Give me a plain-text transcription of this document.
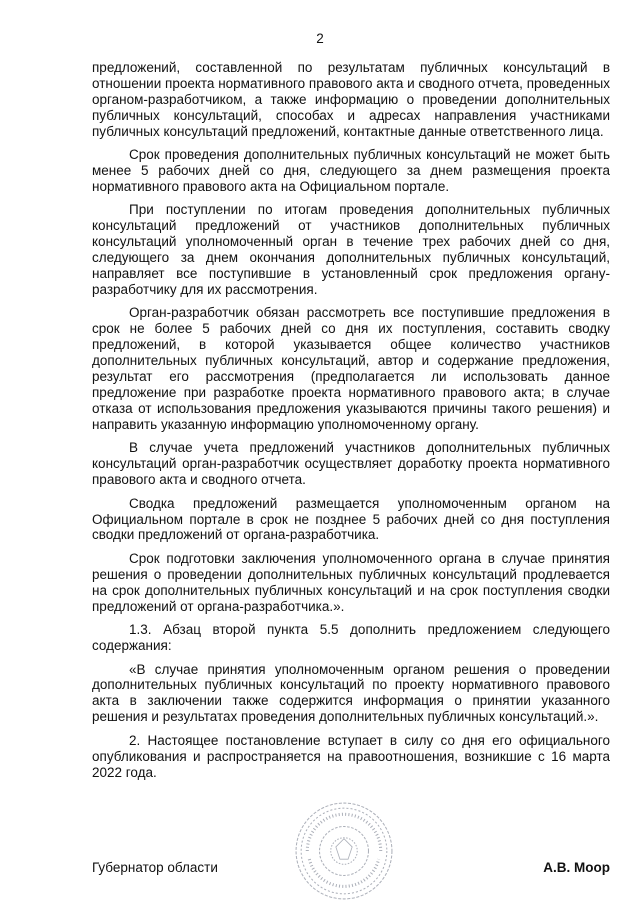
2

предложений, составленной по результатам публичных консультаций в отношении проекта нормативного правового акта и сводного отчета, проведенных органом-разработчиком, а также информацию о проведении дополнительных публичных консультаций, способах и адресах направления участниками публичных консультаций предложений, контактные данные ответственного лица.

Срок проведения дополнительных публичных консультаций не может быть менее 5 рабочих дней со дня, следующего за днем размещения проекта нормативного правового акта на Официальном портале.

При поступлении по итогам проведения дополнительных публичных консультаций предложений от участников дополнительных публичных консультаций уполномоченный орган в течение трех рабочих дней со дня, следующего за днем окончания дополнительных публичных консультаций, направляет все поступившие в установленный срок предложения органу-разработчику для их рассмотрения.

Орган-разработчик обязан рассмотреть все поступившие предложения в срок не более 5 рабочих дней со дня их поступления, составить сводку предложений, в которой указывается общее количество участников дополнительных публичных консультаций, автор и содержание предложения, результат его рассмотрения (предполагается ли использовать данное предложение при разработке проекта нормативного правового акта; в случае отказа от использования предложения указываются причины такого решения) и направить указанную информацию уполномоченному органу.

В случае учета предложений участников дополнительных публичных консультаций орган-разработчик осуществляет доработку проекта нормативного правового акта и сводного отчета.

Сводка предложений размещается уполномоченным органом на Официальном портале в срок не позднее 5 рабочих дней со дня поступления сводки предложений от органа-разработчика.

Срок подготовки заключения уполномоченного органа в случае принятия решения о проведении дополнительных публичных консультаций продлевается на срок дополнительных публичных консультаций и на срок поступления сводки предложений от органа-разработчика.».

1.3. Абзац второй пункта 5.5 дополнить предложением следующего содержания:

«В случае принятия уполномоченным органом решения о проведении дополнительных публичных консультаций по проекту нормативного правового акта в заключении также содержится информация о принятии указанного решения и результатах проведения дополнительных публичных консультаций.».

2. Настоящее постановление вступает в силу со дня его официального опубликования и распространяется на правоотношения, возникшие с 16 марта 2022 года.

Губернатор области	А.В. Моор
